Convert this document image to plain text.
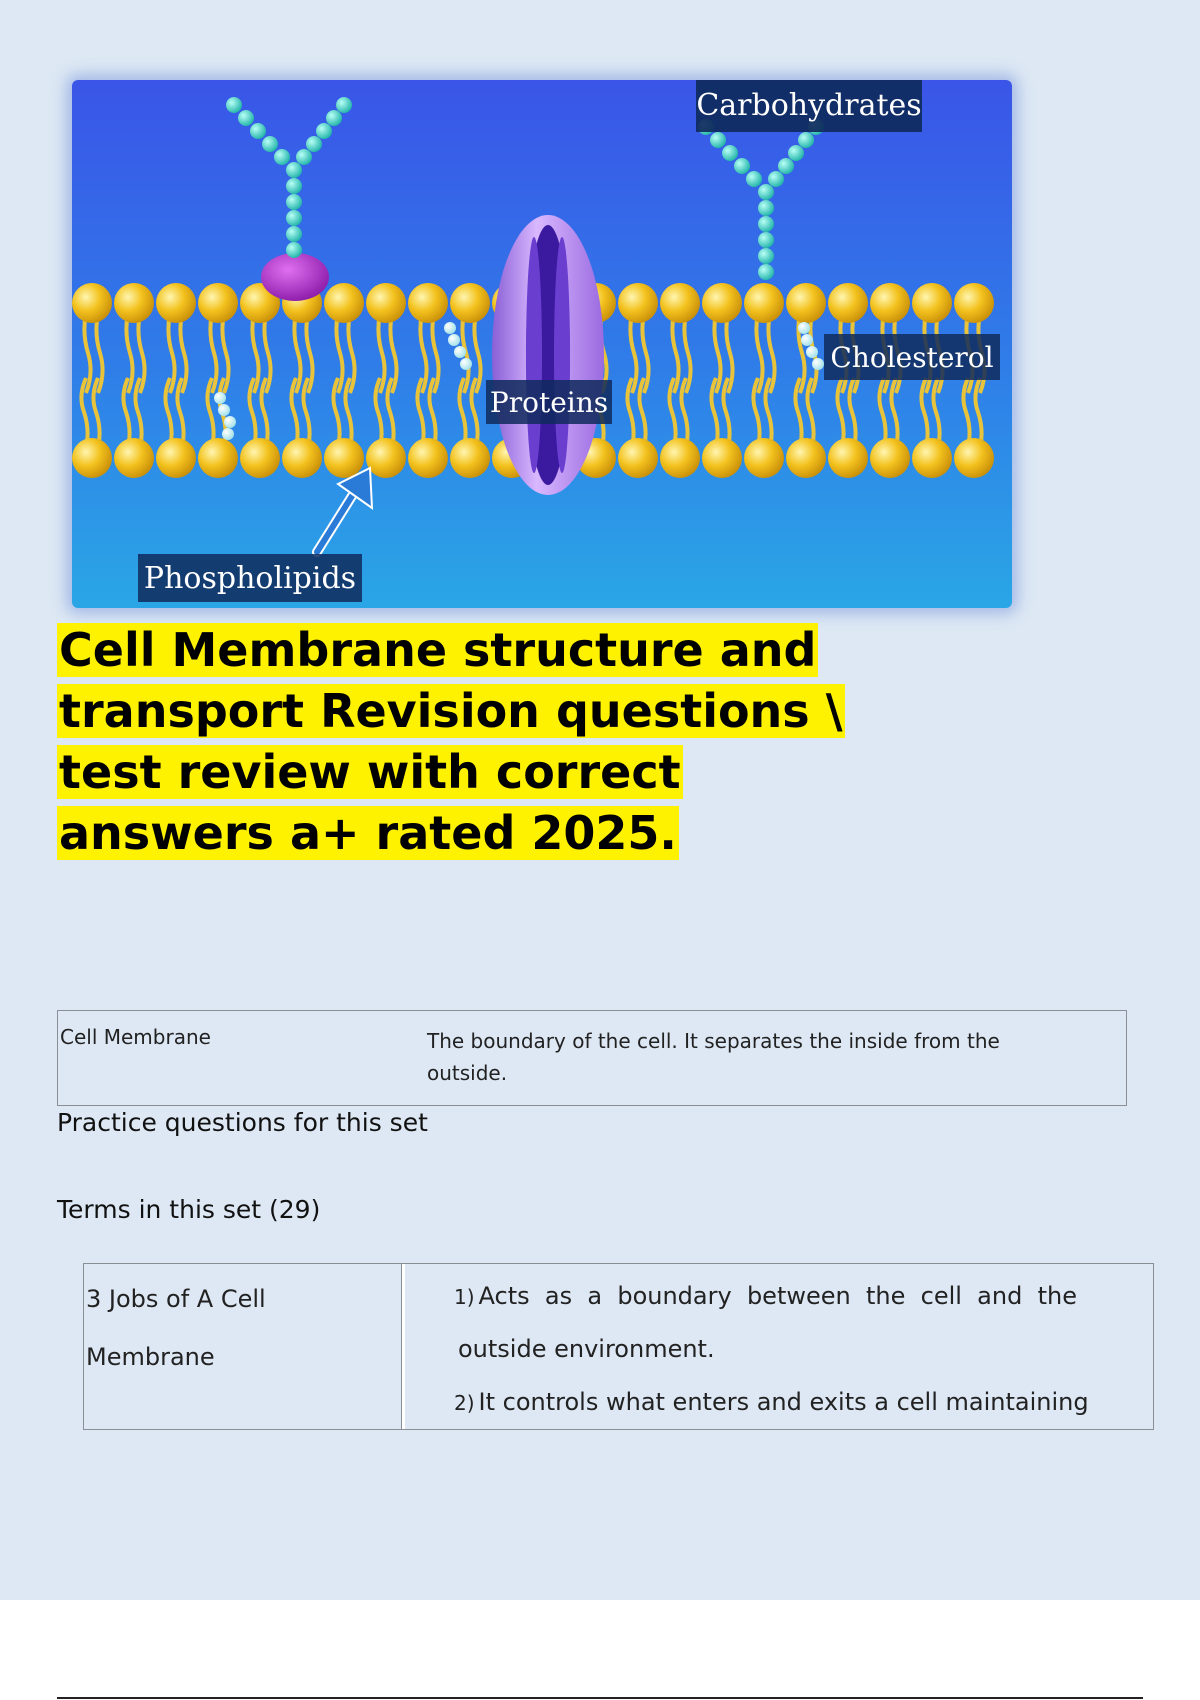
Carbohydrates
Cholesterol
Proteins
Phospholipids
Cell Membrane structure and
transport Revision questions \
test review with correct
answers a+ rated 2025.
Cell Membrane	The boundary of the cell. It separates the inside from the
outside.
Practice questions for this set
Terms in this set (29)
3 Jobs of A Cell
Membrane
1) Acts  as  a  boundary  between  the  cell  and  the
outside environment.
2) It controls what enters and exits a cell maintaining
